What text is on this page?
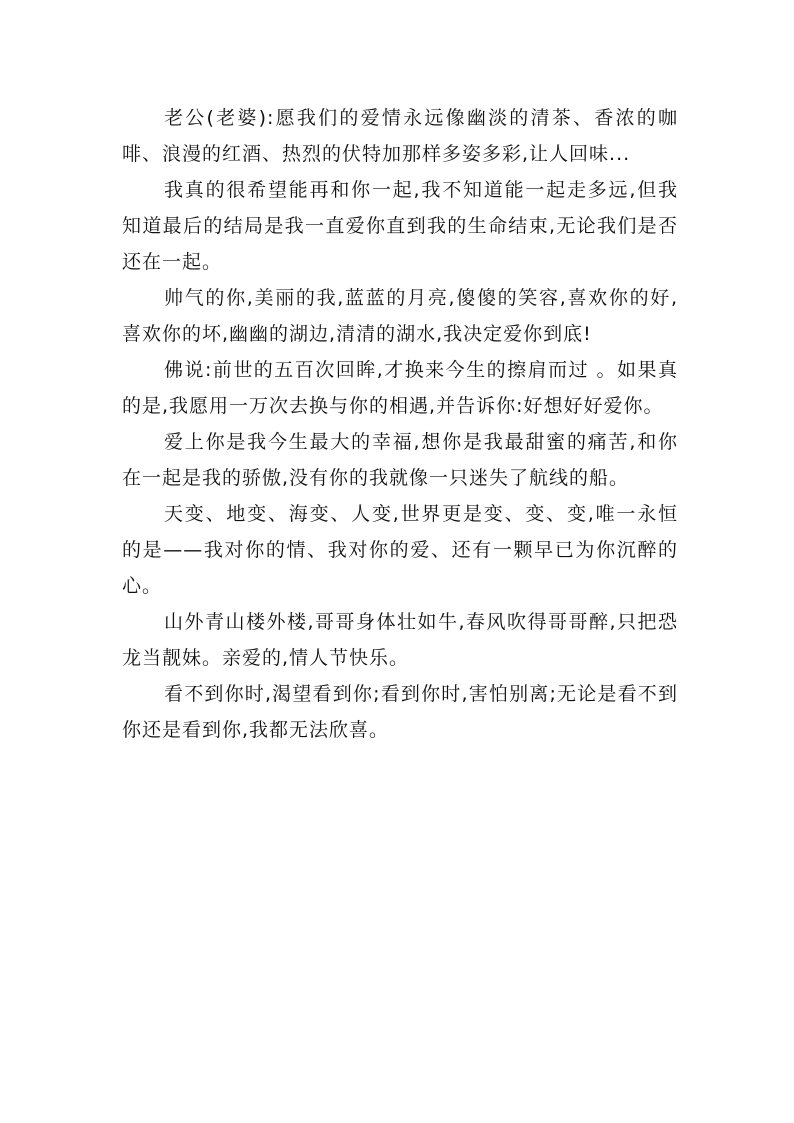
老公(老婆):愿我们的爱情永远像幽淡的清茶、香浓的咖啡、浪漫的红酒、热烈的伏特加那样多姿多彩,让人回味...

我真的很希望能再和你一起,我不知道能一起走多远,但我知道最后的结局是我一直爱你直到我的生命结束,无论我们是否还在一起。

帅气的你,美丽的我,蓝蓝的月亮,傻傻的笑容,喜欢你的好,喜欢你的坏,幽幽的湖边,清清的湖水,我决定爱你到底!

佛说:前世的五百次回眸,才换来今生的擦肩而过 。如果真的是,我愿用一万次去换与你的相遇,并告诉你:好想好好爱你。

爱上你是我今生最大的幸福,想你是我最甜蜜的痛苦,和你在一起是我的骄傲,没有你的我就像一只迷失了航线的船。

天变、地变、海变、人变,世界更是变、变、变,唯一永恒的是——我对你的情、我对你的爱、还有一颗早已为你沉醉的心。

山外青山楼外楼,哥哥身体壮如牛,春风吹得哥哥醉,只把恐龙当靓妹。亲爱的,情人节快乐。

看不到你时,渴望看到你;看到你时,害怕别离;无论是看不到你还是看到你,我都无法欣喜。
